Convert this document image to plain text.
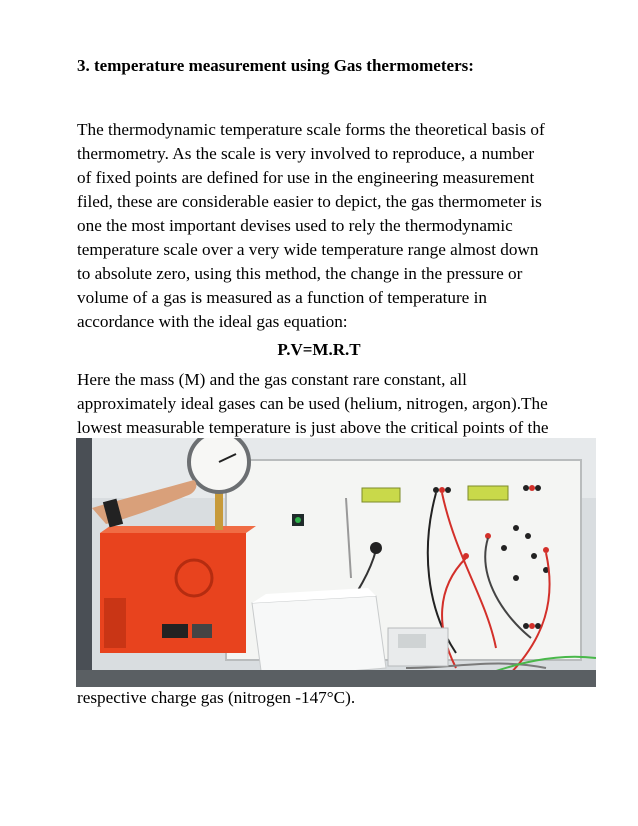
3. temperature measurement using Gas thermometers:

The thermodynamic temperature scale forms the theoretical basis of
thermometry. As the scale is very involved to reproduce, a number
of fixed points are defined for use in the engineering measurement
filed, these are considerable easier to depict, the gas thermometer is
one the most important devises used to rely the thermodynamic
temperature scale over a very wide temperature range almost down
to absolute zero, using this method, the change in the pressure or
volume of a gas is measured as a function of temperature in
accordance with the ideal gas equation:

P.V=M.R.T

Here the mass (M) and the gas constant rare constant, all
approximately ideal gases can be used (helium, nitrogen, argon).The
lowest measurable temperature is just above the critical points of the

respective charge gas (nitrogen -147°C).
